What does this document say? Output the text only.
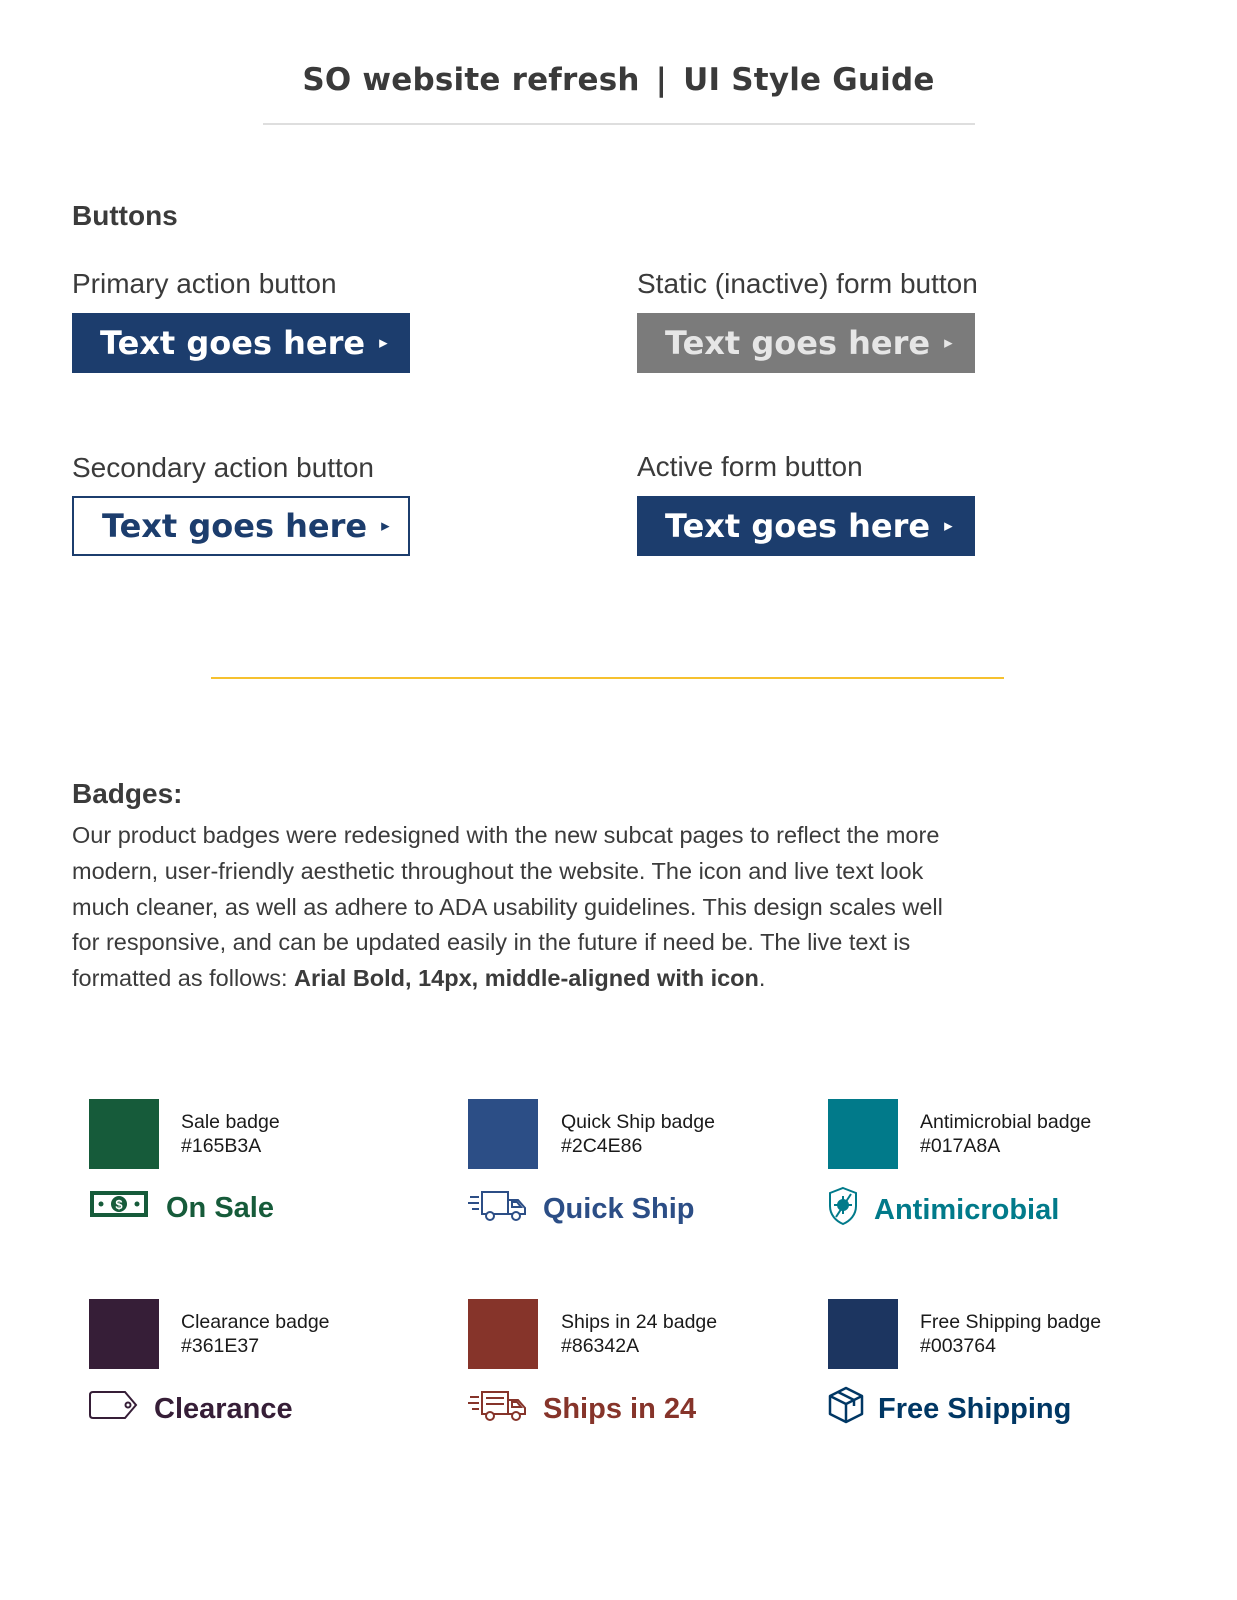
SO website refresh | UI Style Guide
Buttons
Primary action button
Text goes here ▸
Static (inactive) form button
Text goes here ▸
Secondary action button
Text goes here ▸
Active form button
Text goes here ▸
Badges:
Our product badges were redesigned with the new subcat pages to reflect the more modern, user-friendly aesthetic throughout the website. The icon and live text look much cleaner, as well as adhere to ADA usability guidelines. This design scales well for responsive, and can be updated easily in the future if need be. The live text is formatted as follows: Arial Bold, 14px, middle-aligned with icon.
Sale badge
#165B3A
$ On Sale
Quick Ship badge
#2C4E86
Quick Ship
Antimicrobial badge
#017A8A
Antimicrobial
Clearance badge
#361E37
Clearance
Ships in 24 badge
#86342A
Ships in 24
Free Shipping badge
#003764
Free Shipping
